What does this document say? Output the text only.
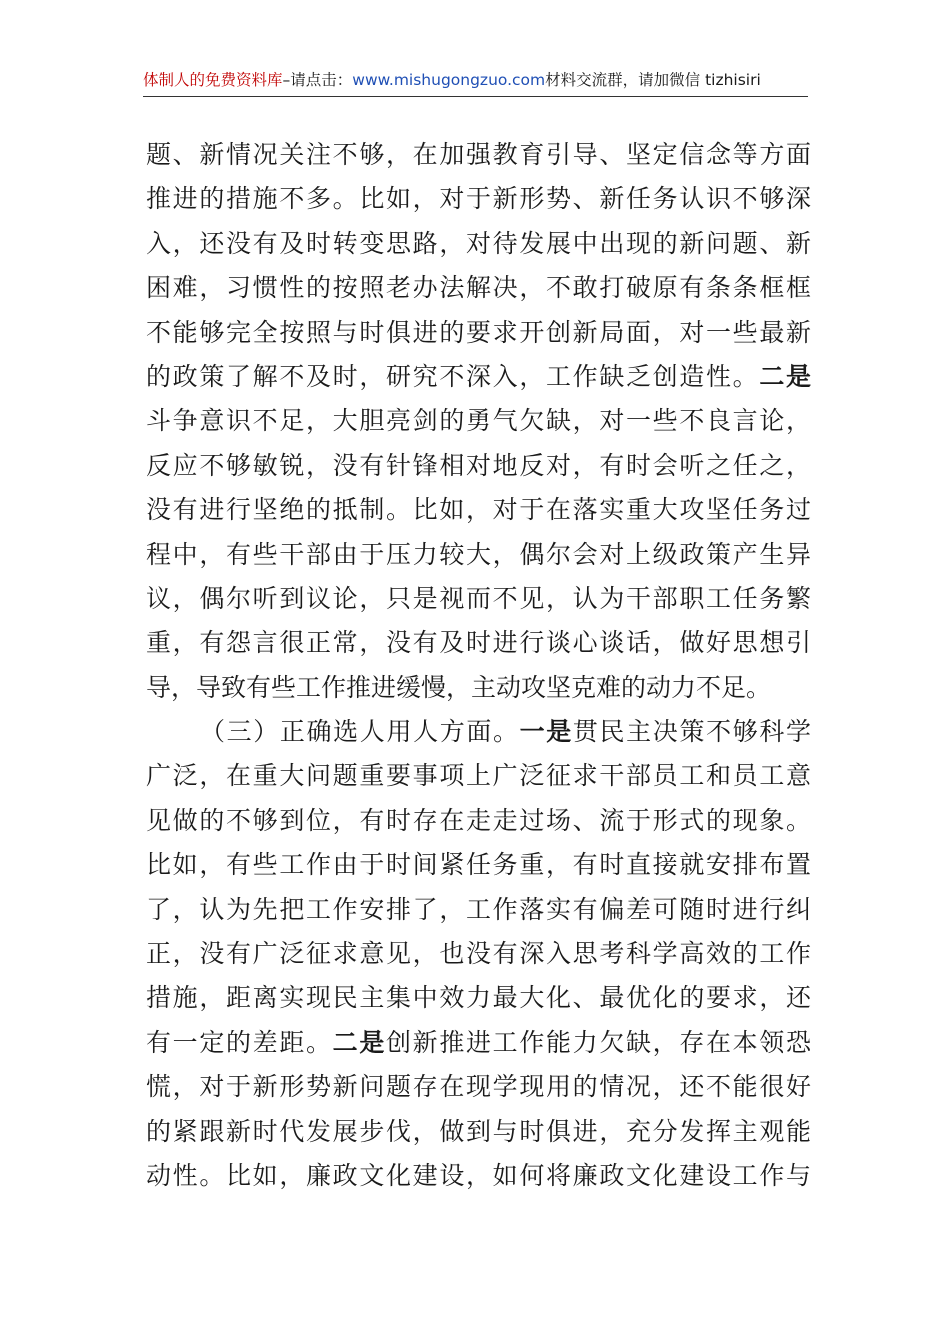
体制人的免费资料库–请点击：www.mishugongzuo.com材料交流群，请加微信 tizhisiri
题、新情况关注不够，在加强教育引导、坚定信念等方面
推进的措施不多。比如，对于新形势、新任务认识不够深
入，还没有及时转变思路，对待发展中出现的新问题、新
困难，习惯性的按照老办法解决，不敢打破原有条条框框
不能够完全按照与时俱进的要求开创新局面，对一些最新
的政策了解不及时，研究不深入，工作缺乏创造性。二是
斗争意识不足，大胆亮剑的勇气欠缺，对一些不良言论，
反应不够敏锐，没有针锋相对地反对，有时会听之任之，
没有进行坚绝的抵制。比如，对于在落实重大攻坚任务过
程中，有些干部由于压力较大，偶尔会对上级政策产生异
议，偶尔听到议论，只是视而不见，认为干部职工任务繁
重，有怨言很正常，没有及时进行谈心谈话，做好思想引
导，导致有些工作推进缓慢，主动攻坚克难的动力不足。
（三）正确选人用人方面。一是贯民主决策不够科学
广泛，在重大问题重要事项上广泛征求干部员工和员工意
见做的不够到位，有时存在走走过场、流于形式的现象。
比如，有些工作由于时间紧任务重，有时直接就安排布置
了，认为先把工作安排了，工作落实有偏差可随时进行纠
正，没有广泛征求意见，也没有深入思考科学高效的工作
措施，距离实现民主集中效力最大化、最优化的要求，还
有一定的差距。二是创新推进工作能力欠缺，存在本领恐
慌，对于新形势新问题存在现学现用的情况，还不能很好
的紧跟新时代发展步伐，做到与时俱进，充分发挥主观能
动性。比如，廉政文化建设，如何将廉政文化建设工作与
